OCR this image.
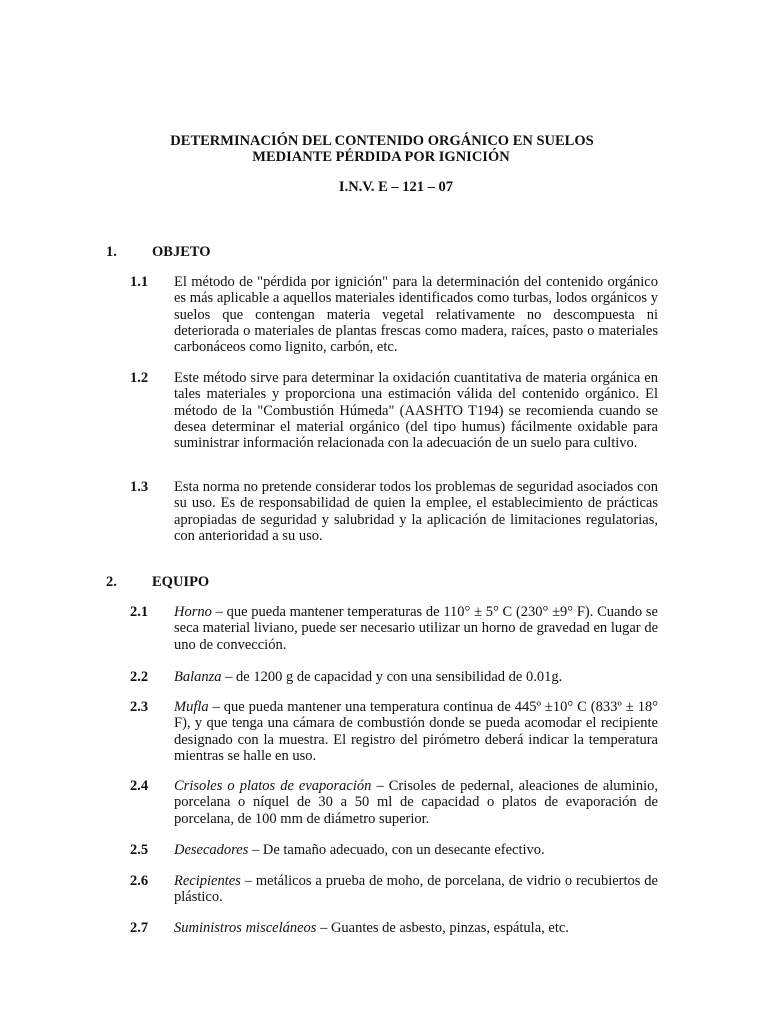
DETERMINACIÓN DEL CONTENIDO ORGÁNICO EN SUELOS
MEDIANTE PÉRDIDA POR IGNICIÓN
I.N.V. E – 121 – 07
1. OBJETO
1.1 El método de "pérdida por ignición" para la determinación del contenido orgánico es más aplicable a aquellos materiales identificados como turbas, lodos orgánicos y suelos que contengan materia vegetal relativamente no descompuesta ni deteriorada o materiales de plantas frescas como madera, raíces, pasto o materiales carbonáceos como lignito, carbón, etc.
1.2 Este método sirve para determinar la oxidación cuantitativa de materia orgánica en tales materiales y proporciona una estimación válida del contenido orgánico. El método de la "Combustión Húmeda" (AASHTO T194) se recomienda cuando se desea determinar el material orgánico (del tipo humus) fácilmente oxidable para suministrar información relacionada con la adecuación de un suelo para cultivo.
1.3 Esta norma no pretende considerar todos los problemas de seguridad asociados con su uso. Es de responsabilidad de quien la emplee, el establecimiento de prácticas apropiadas de seguridad y salubridad y la aplicación de limitaciones regulatorias, con anterioridad a su uso.
2. EQUIPO
2.1 Horno – que pueda mantener temperaturas de 110° ± 5° C (230° ±9° F). Cuando se seca material liviano, puede ser necesario utilizar un horno de gravedad en lugar de uno de convección.
2.2 Balanza – de 1200 g de capacidad y con una sensibilidad de 0.01g.
2.3 Mufla – que pueda mantener una temperatura continua de 445º ±10° C (833º ± 18° F), y que tenga una cámara de combustión donde se pueda acomodar el recipiente designado con la muestra. El registro del pirómetro deberá indicar la temperatura mientras se halle en uso.
2.4 Crisoles o platos de evaporación – Crisoles de pedernal, aleaciones de aluminio, porcelana o níquel de 30 a 50 ml de capacidad o platos de evaporación de porcelana, de 100 mm de diámetro superior.
2.5 Desecadores – De tamaño adecuado, con un desecante efectivo.
2.6 Recipientes – metálicos a prueba de moho, de porcelana, de vidrio o recubiertos de plástico.
2.7 Suministros misceláneos – Guantes de asbesto, pinzas, espátula, etc.
